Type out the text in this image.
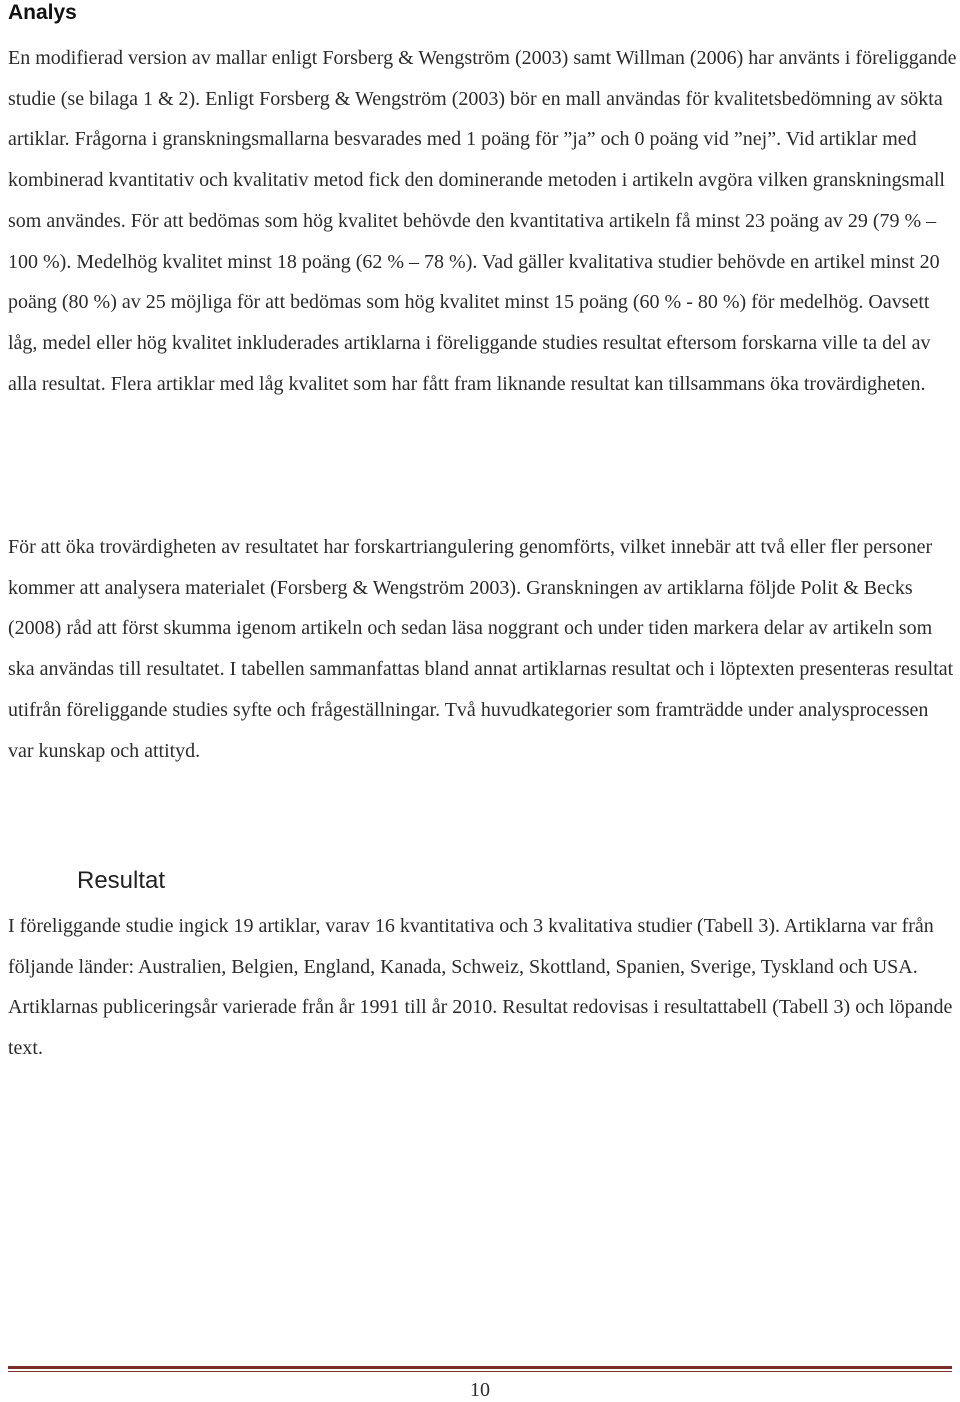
Analys

En modifierad version av mallar enligt Forsberg & Wengström (2003) samt Willman (2006) har använts i föreliggande studie (se bilaga 1 & 2). Enligt Forsberg & Wengström (2003) bör en mall användas för kvalitetsbedömning av sökta artiklar. Frågorna i granskningsmallarna besvarades med 1 poäng för ”ja” och 0 poäng vid ”nej”. Vid artiklar med kombinerad kvantitativ och kvalitativ metod fick den dominerande metoden i artikeln avgöra vilken granskningsmall som användes. För att bedömas som hög kvalitet behövde den kvantitativa artikeln få minst 23 poäng av 29 (79 % – 100 %). Medelhög kvalitet minst 18 poäng (62 % – 78 %). Vad gäller kvalitativa studier behövde en artikel minst 20 poäng (80 %) av 25 möjliga för att bedömas som hög kvalitet minst 15 poäng (60 % - 80 %) för medelhög. Oavsett låg, medel eller hög kvalitet inkluderades artiklarna i föreliggande studies resultat eftersom forskarna ville ta del av alla resultat. Flera artiklar med låg kvalitet som har fått fram liknande resultat kan tillsammans öka trovärdigheten.

För att öka trovärdigheten av resultatet har forskartriangulering genomförts, vilket innebär att två eller fler personer kommer att analysera materialet (Forsberg & Wengström 2003). Granskningen av artiklarna följde Polit & Becks (2008) råd att först skumma igenom artikeln och sedan läsa noggrant och under tiden markera delar av artikeln som ska användas till resultatet. I tabellen sammanfattas bland annat artiklarnas resultat och i löptexten presenteras resultat utifrån föreliggande studies syfte och frågeställningar. Två huvudkategorier som framträdde under analysprocessen var kunskap och attityd.

Resultat

I föreliggande studie ingick 19 artiklar, varav 16 kvantitativa och 3 kvalitativa studier (Tabell 3). Artiklarna var från följande länder: Australien, Belgien, England, Kanada, Schweiz, Skottland, Spanien, Sverige, Tyskland och USA. Artiklarnas publiceringsår varierade från år 1991 till år 2010. Resultat redovisas i resultattabell (Tabell 3) och löpande text.

10
